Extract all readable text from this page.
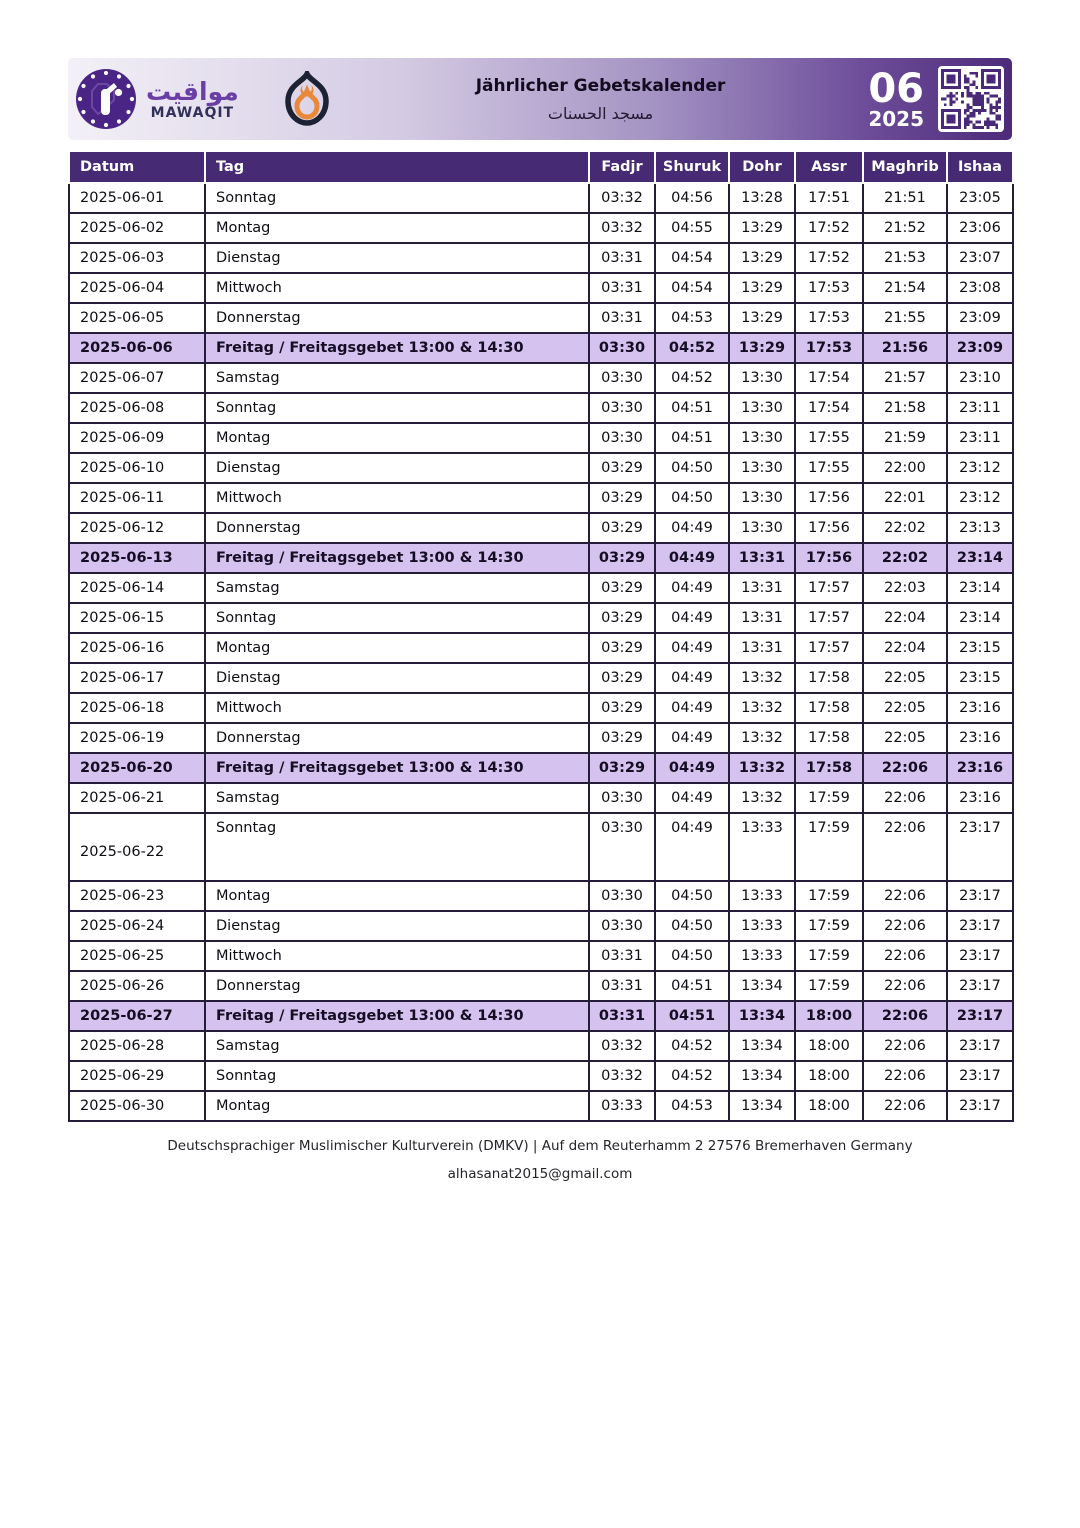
مواقيت
MAWAQIT
Jährlicher Gebetskalender
مسجد الحسنات
06
2025
Datum	Tag	Fadjr	Shuruk	Dohr	Assr	Maghrib	Ishaa
2025-06-01	Sonntag	03:32	04:56	13:28	17:51	21:51	23:05
2025-06-02	Montag	03:32	04:55	13:29	17:52	21:52	23:06
2025-06-03	Dienstag	03:31	04:54	13:29	17:52	21:53	23:07
2025-06-04	Mittwoch	03:31	04:54	13:29	17:53	21:54	23:08
2025-06-05	Donnerstag	03:31	04:53	13:29	17:53	21:55	23:09
2025-06-06	Freitag / Freitagsgebet 13:00 & 14:30	03:30	04:52	13:29	17:53	21:56	23:09
2025-06-07	Samstag	03:30	04:52	13:30	17:54	21:57	23:10
2025-06-08	Sonntag	03:30	04:51	13:30	17:54	21:58	23:11
2025-06-09	Montag	03:30	04:51	13:30	17:55	21:59	23:11
2025-06-10	Dienstag	03:29	04:50	13:30	17:55	22:00	23:12
2025-06-11	Mittwoch	03:29	04:50	13:30	17:56	22:01	23:12
2025-06-12	Donnerstag	03:29	04:49	13:30	17:56	22:02	23:13
2025-06-13	Freitag / Freitagsgebet 13:00 & 14:30	03:29	04:49	13:31	17:56	22:02	23:14
2025-06-14	Samstag	03:29	04:49	13:31	17:57	22:03	23:14
2025-06-15	Sonntag	03:29	04:49	13:31	17:57	22:04	23:14
2025-06-16	Montag	03:29	04:49	13:31	17:57	22:04	23:15
2025-06-17	Dienstag	03:29	04:49	13:32	17:58	22:05	23:15
2025-06-18	Mittwoch	03:29	04:49	13:32	17:58	22:05	23:16
2025-06-19	Donnerstag	03:29	04:49	13:32	17:58	22:05	23:16
2025-06-20	Freitag / Freitagsgebet 13:00 & 14:30	03:29	04:49	13:32	17:58	22:06	23:16
2025-06-21	Samstag	03:30	04:49	13:32	17:59	22:06	23:16
2025-06-22	Sonntag	03:30	04:49	13:33	17:59	22:06	23:17
2025-06-23	Montag	03:30	04:50	13:33	17:59	22:06	23:17
2025-06-24	Dienstag	03:30	04:50	13:33	17:59	22:06	23:17
2025-06-25	Mittwoch	03:31	04:50	13:33	17:59	22:06	23:17
2025-06-26	Donnerstag	03:31	04:51	13:34	17:59	22:06	23:17
2025-06-27	Freitag / Freitagsgebet 13:00 & 14:30	03:31	04:51	13:34	18:00	22:06	23:17
2025-06-28	Samstag	03:32	04:52	13:34	18:00	22:06	23:17
2025-06-29	Sonntag	03:32	04:52	13:34	18:00	22:06	23:17
2025-06-30	Montag	03:33	04:53	13:34	18:00	22:06	23:17
Deutschsprachiger Muslimischer Kulturverein (DMKV) | Auf dem Reuterhamm 2 27576 Bremerhaven Germany
alhasanat2015@gmail.com
